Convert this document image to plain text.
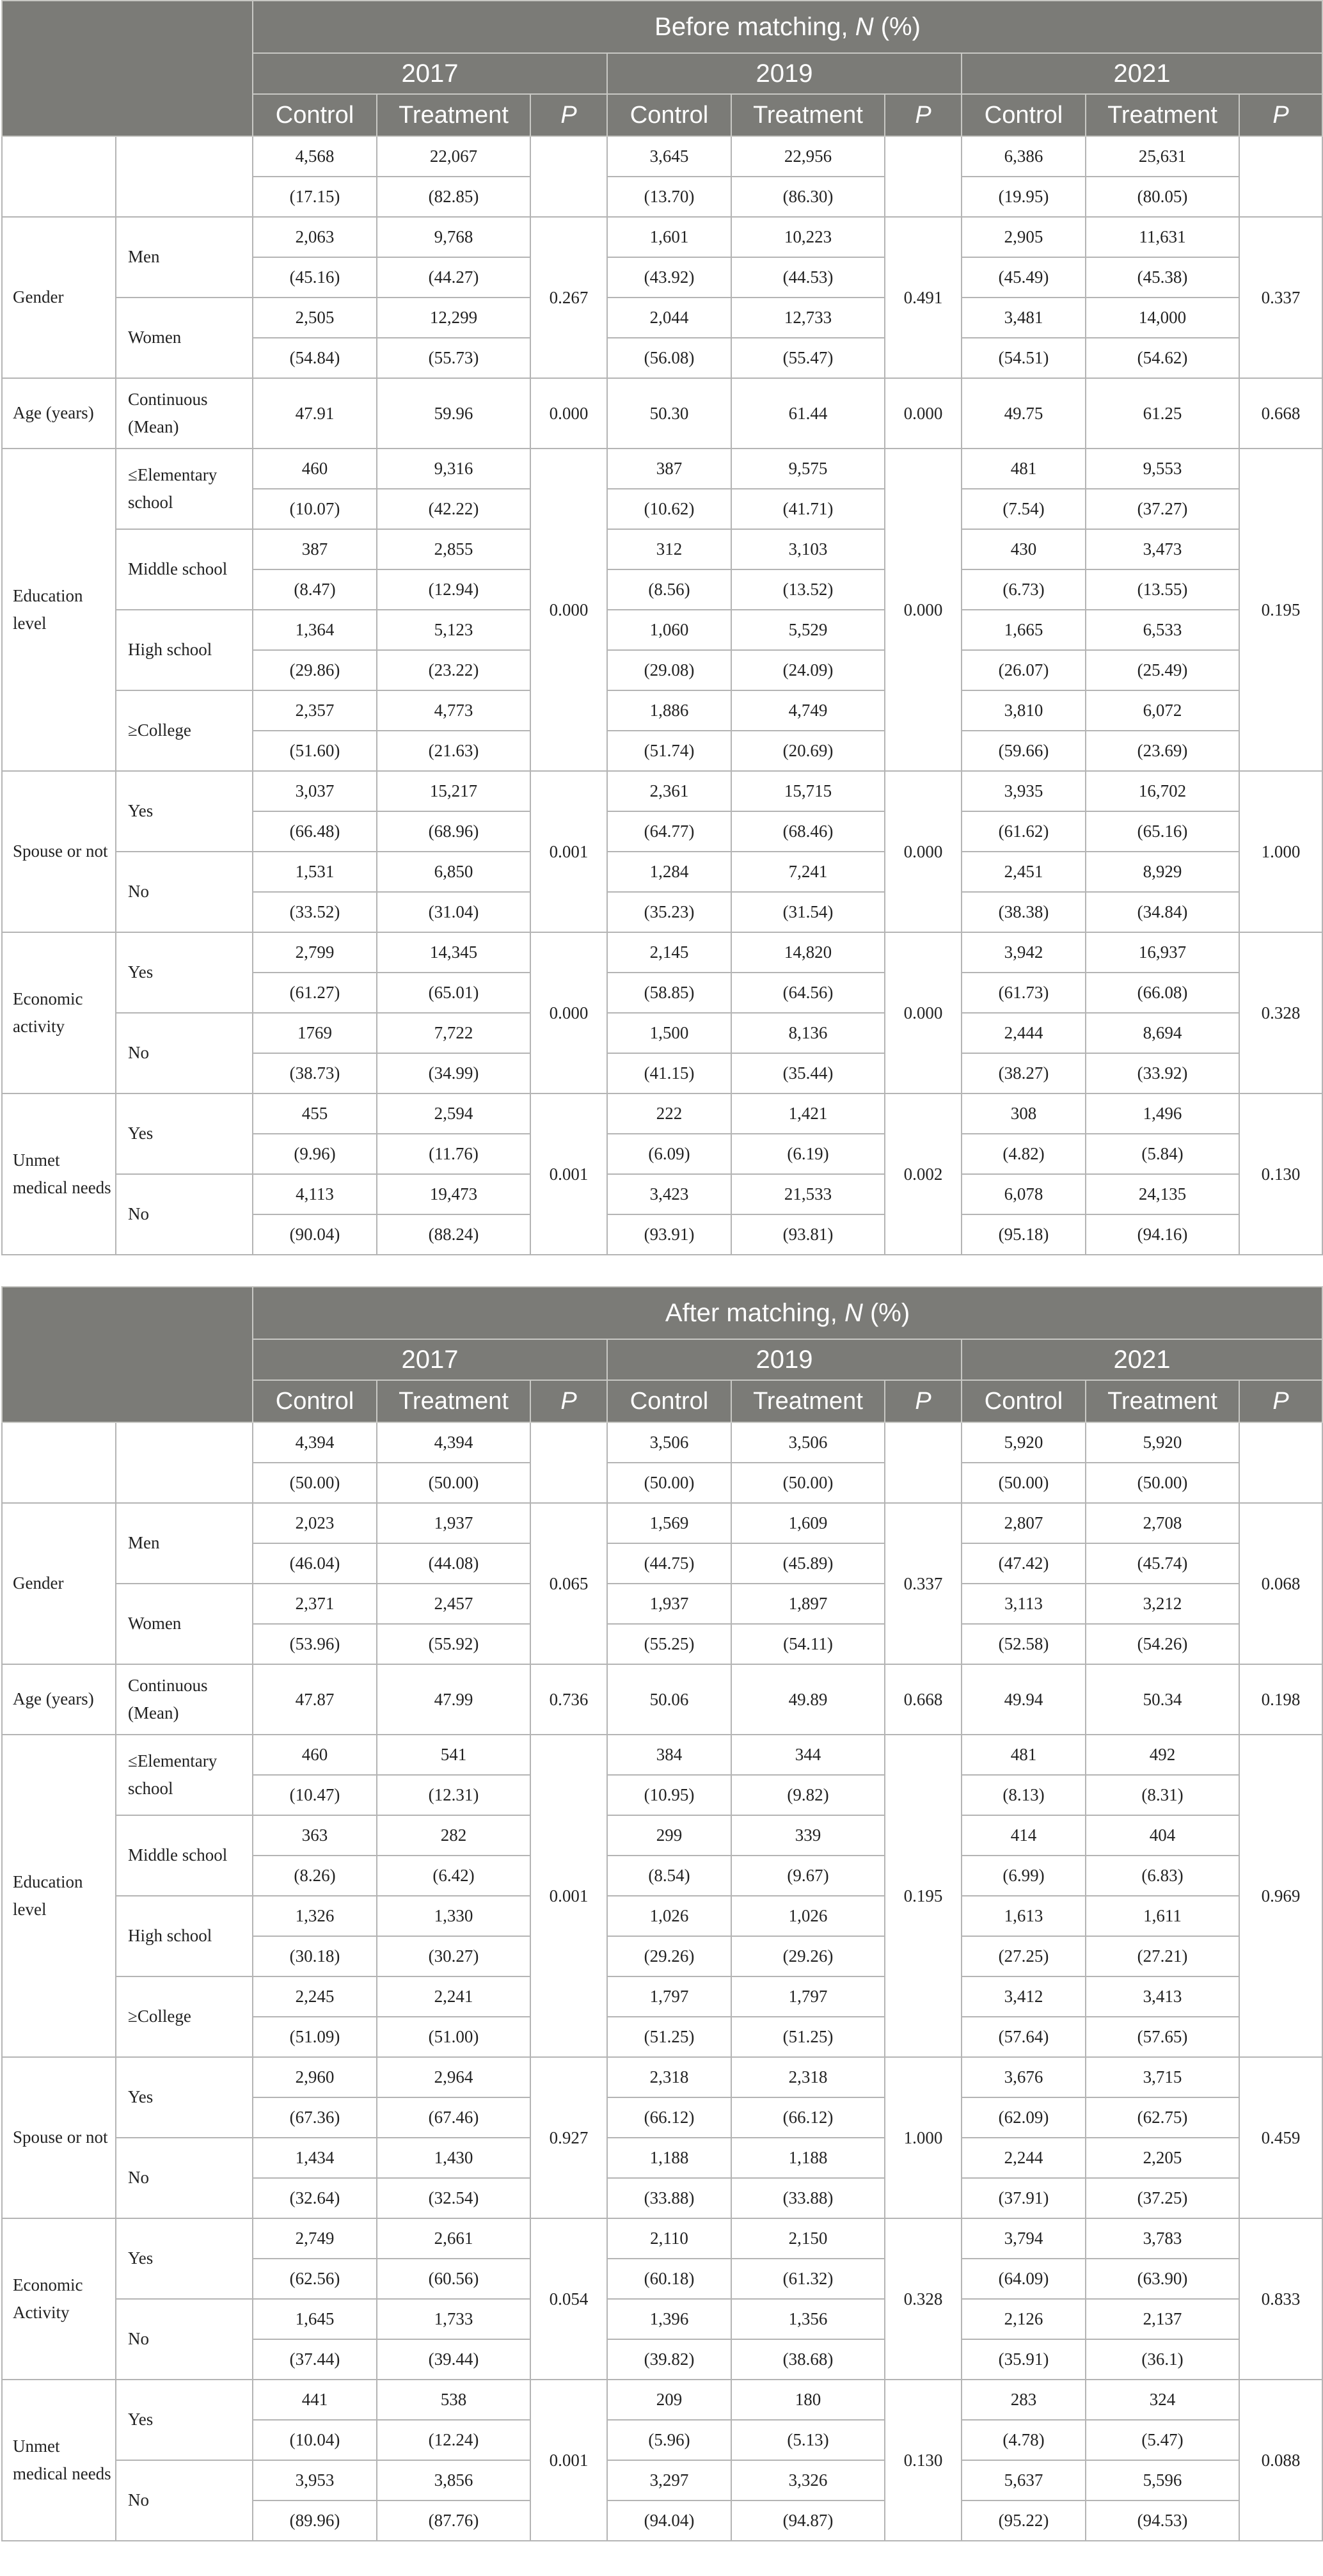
		Before matching, N (%)								
		2017			2019			2021		
		Control	Treatment	P	Control	Treatment	P	Control	Treatment	P
		4,568	22,067		3,645	22,956		6,386	25,631	
		(17.15)	(82.85)		(13.70)	(86.30)		(19.95)	(80.05)	
Gender	Men	2,063	9,768	0.267	1,601	10,223	0.491	2,905	11,631	0.337
		(45.16)	(44.27)		(43.92)	(44.53)		(45.49)	(45.38)	
	Women	2,505	12,299		2,044	12,733		3,481	14,000	
		(54.84)	(55.73)		(56.08)	(55.47)		(54.51)	(54.62)	
Age (years)	Continuous (Mean)	47.91	59.96	0.000	50.30	61.44	0.000	49.75	61.25	0.668
Education level	≤Elementary school	460	9,316	0.000	387	9,575	0.000	481	9,553	0.195
		(10.07)	(42.22)		(10.62)	(41.71)		(7.54)	(37.27)	
	Middle school	387	2,855		312	3,103		430	3,473	
		(8.47)	(12.94)		(8.56)	(13.52)		(6.73)	(13.55)	
	High school	1,364	5,123		1,060	5,529		1,665	6,533	
		(29.86)	(23.22)		(29.08)	(24.09)		(26.07)	(25.49)	
	≥College	2,357	4,773		1,886	4,749		3,810	6,072	
		(51.60)	(21.63)		(51.74)	(20.69)		(59.66)	(23.69)	
Spouse or not	Yes	3,037	15,217	0.001	2,361	15,715	0.000	3,935	16,702	1.000
		(66.48)	(68.96)		(64.77)	(68.46)		(61.62)	(65.16)	
	No	1,531	6,850		1,284	7,241		2,451	8,929	
		(33.52)	(31.04)		(35.23)	(31.54)		(38.38)	(34.84)	
Economic activity	Yes	2,799	14,345	0.000	2,145	14,820	0.000	3,942	16,937	0.328
		(61.27)	(65.01)		(58.85)	(64.56)		(61.73)	(66.08)	
	No	1769	7,722		1,500	8,136		2,444	8,694	
		(38.73)	(34.99)		(41.15)	(35.44)		(38.27)	(33.92)	
Unmet medical needs	Yes	455	2,594	0.001	222	1,421	0.002	308	1,496	0.130
		(9.96)	(11.76)		(6.09)	(6.19)		(4.82)	(5.84)	
	No	4,113	19,473		3,423	21,533		6,078	24,135	
		(90.04)	(88.24)		(93.91)	(93.81)		(95.18)	(94.16)	
		After matching, N (%)								
		2017			2019			2021		
		Control	Treatment	P	Control	Treatment	P	Control	Treatment	P
		4,394	4,394		3,506	3,506		5,920	5,920	
		(50.00)	(50.00)		(50.00)	(50.00)		(50.00)	(50.00)	
Gender	Men	2,023	1,937	0.065	1,569	1,609	0.337	2,807	2,708	0.068
		(46.04)	(44.08)		(44.75)	(45.89)		(47.42)	(45.74)	
	Women	2,371	2,457		1,937	1,897		3,113	3,212	
		(53.96)	(55.92)		(55.25)	(54.11)		(52.58)	(54.26)	
Age (years)	Continuous (Mean)	47.87	47.99	0.736	50.06	49.89	0.668	49.94	50.34	0.198
Education level	≤Elementary school	460	541	0.001	384	344	0.195	481	492	0.969
		(10.47)	(12.31)		(10.95)	(9.82)		(8.13)	(8.31)	
	Middle school	363	282		299	339		414	404	
		(8.26)	(6.42)		(8.54)	(9.67)		(6.99)	(6.83)	
	High school	1,326	1,330		1,026	1,026		1,613	1,611	
		(30.18)	(30.27)		(29.26)	(29.26)		(27.25)	(27.21)	
	≥College	2,245	2,241		1,797	1,797		3,412	3,413	
		(51.09)	(51.00)		(51.25)	(51.25)		(57.64)	(57.65)	
Spouse or not	Yes	2,960	2,964	0.927	2,318	2,318	1.000	3,676	3,715	0.459
		(67.36)	(67.46)		(66.12)	(66.12)		(62.09)	(62.75)	
	No	1,434	1,430		1,188	1,188		2,244	2,205	
		(32.64)	(32.54)		(33.88)	(33.88)		(37.91)	(37.25)	
Economic Activity	Yes	2,749	2,661	0.054	2,110	2,150	0.328	3,794	3,783	0.833
		(62.56)	(60.56)		(60.18)	(61.32)		(64.09)	(63.90)	
	No	1,645	1,733		1,396	1,356		2,126	2,137	
		(37.44)	(39.44)		(39.82)	(38.68)		(35.91)	(36.1)	
Unmet medical needs	Yes	441	538	0.001	209	180	0.130	283	324	0.088
		(10.04)	(12.24)		(5.96)	(5.13)		(4.78)	(5.47)	
	No	3,953	3,856		3,297	3,326		5,637	5,596	
		(89.96)	(87.76)		(94.04)	(94.87)		(95.22)	(94.53)	
